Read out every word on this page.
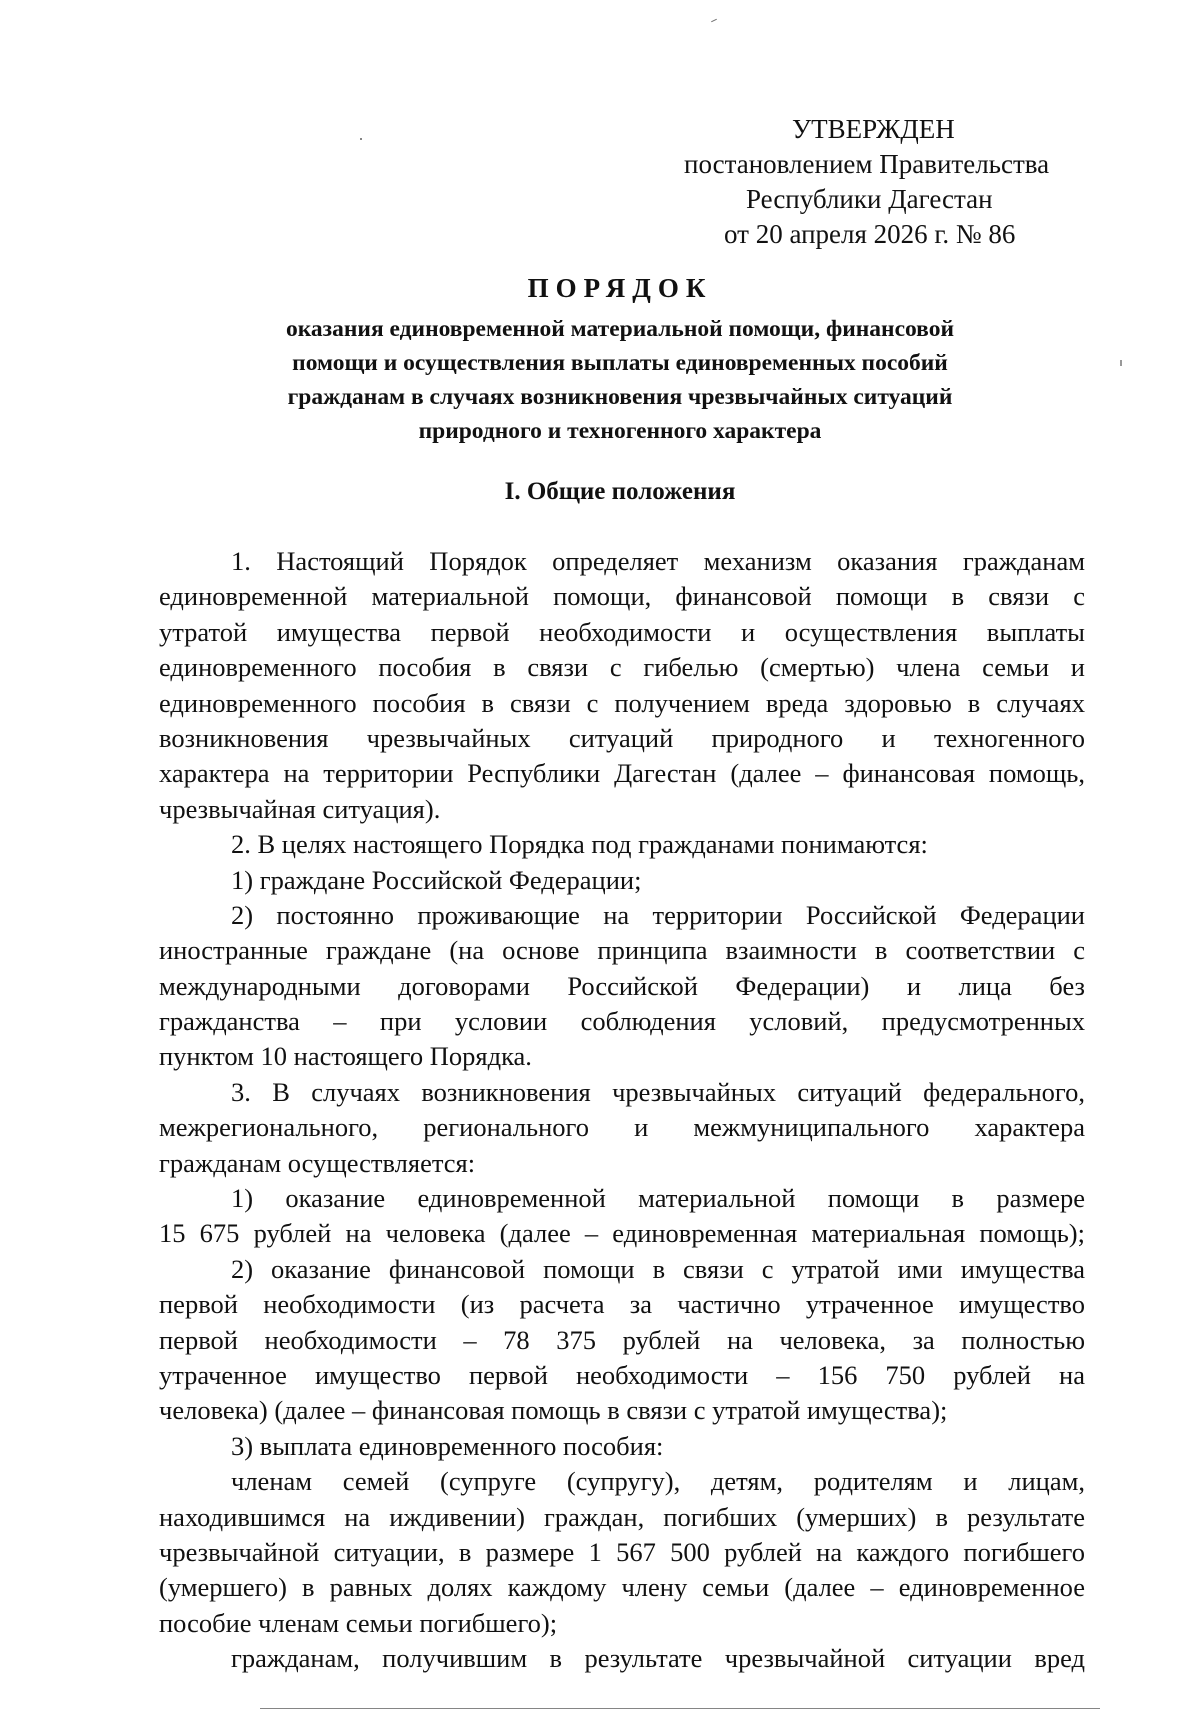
УТВЕРЖДЕН
постановлением Правительства
Республики Дагестан
от 20 апреля 2026 г. № 86
ПОРЯДОК
оказания единовременной материальной помощи, финансовой
помощи и осуществления выплаты единовременных пособий
гражданам в случаях возникновения чрезвычайных ситуаций
природного и техногенного характера
I. Общие положения
1. Настоящий Порядок определяет механизм оказания гражданам
единовременной материальной помощи, финансовой помощи в связи с
утратой имущества первой необходимости и осуществления выплаты
единовременного пособия в связи с гибелью (смертью) члена семьи и
единовременного пособия в связи с получением вреда здоровью в случаях
возникновения чрезвычайных ситуаций природного и техногенного
характера на территории Республики Дагестан (далее – финансовая помощь,
чрезвычайная ситуация).
2. В целях настоящего Порядка под гражданами понимаются:
1) граждане Российской Федерации;
2) постоянно проживающие на территории Российской Федерации
иностранные граждане (на основе принципа взаимности в соответствии с
международными договорами Российской Федерации) и лица без
гражданства – при условии соблюдения условий, предусмотренных
пунктом 10 настоящего Порядка.
3. В случаях возникновения чрезвычайных ситуаций федерального,
межрегионального, регионального и межмуниципального характера
гражданам осуществляется:
1) оказание единовременной материальной помощи в размере
15 675 рублей на человека (далее – единовременная материальная помощь);
2) оказание финансовой помощи в связи с утратой ими имущества
первой необходимости (из расчета за частично утраченное имущество
первой необходимости – 78 375 рублей на человека, за полностью
утраченное имущество первой необходимости – 156 750 рублей на
человека) (далее – финансовая помощь в связи с утратой имущества);
3) выплата единовременного пособия:
членам семей (супруге (супругу), детям, родителям и лицам,
находившимся на иждивении) граждан, погибших (умерших) в результате
чрезвычайной ситуации, в размере 1 567 500 рублей на каждого погибшего
(умершего) в равных долях каждому члену семьи (далее – единовременное
пособие членам семьи погибшего);
гражданам, получившим в результате чрезвычайной ситуации вред
